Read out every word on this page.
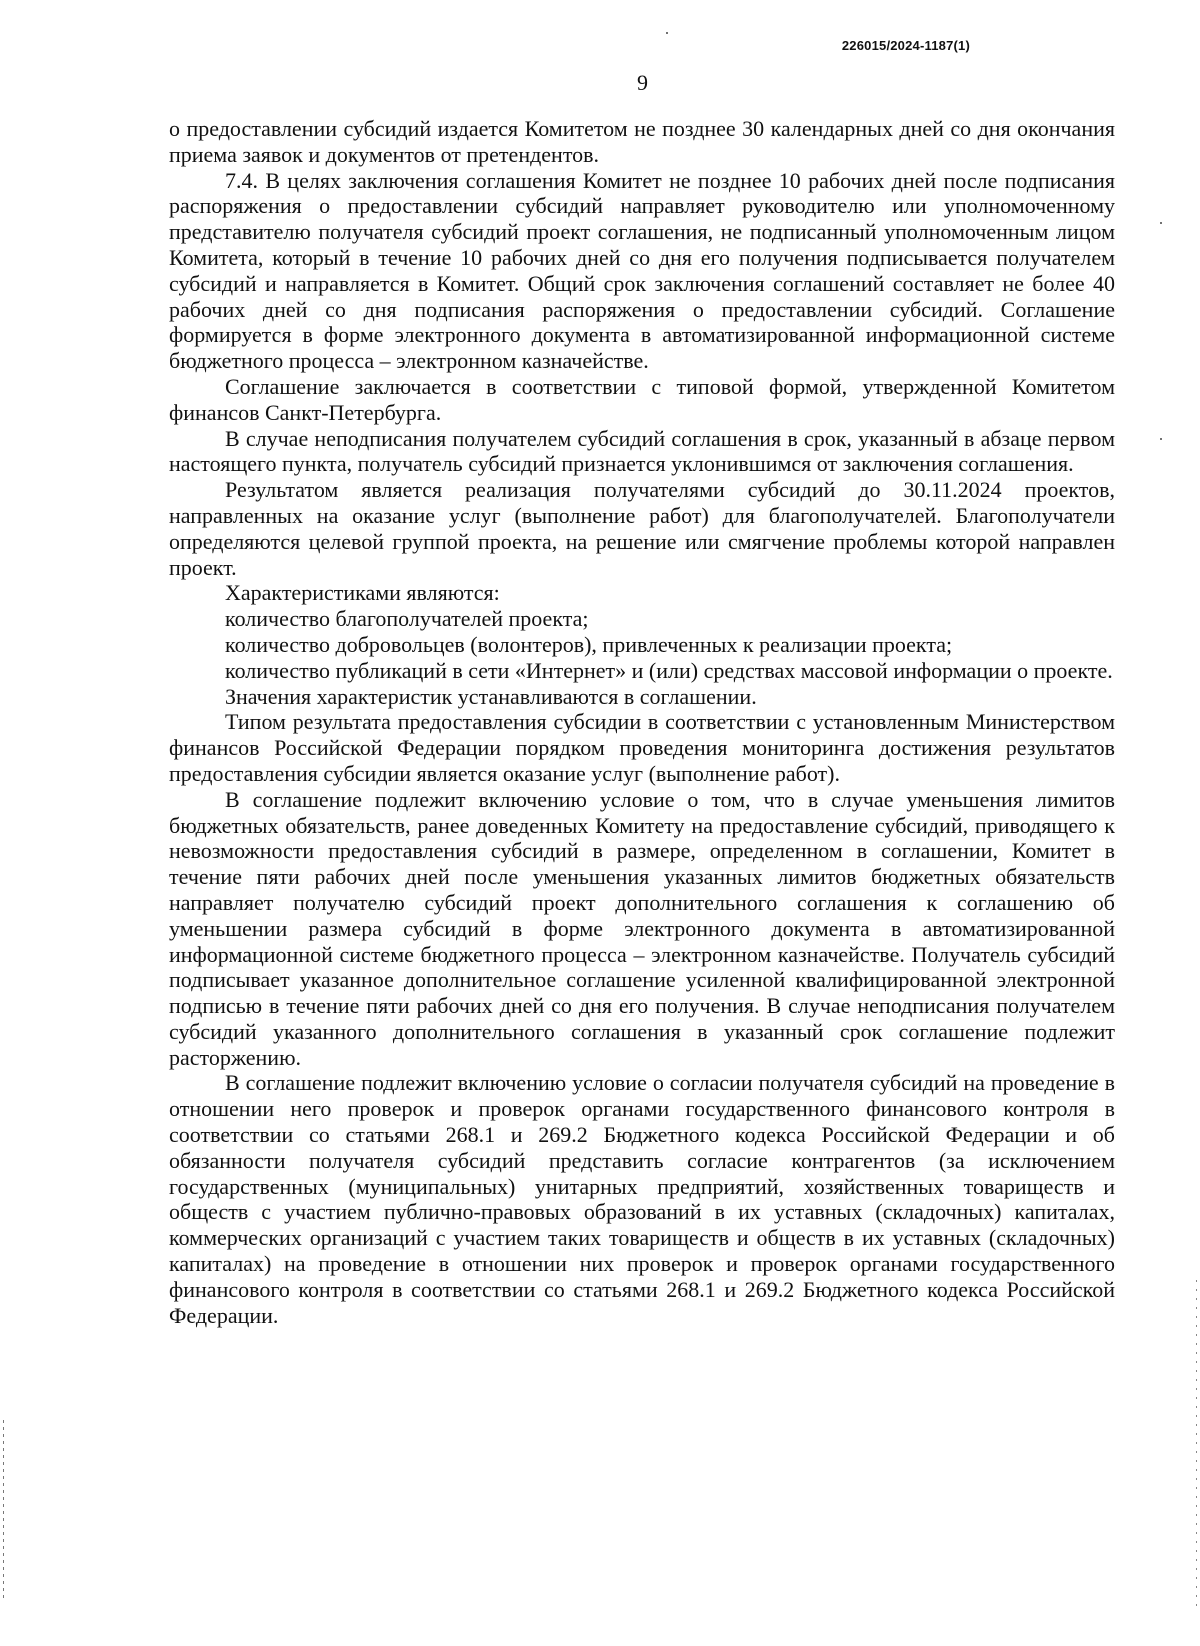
226015/2024-1187(1)
9

о предоставлении субсидий издается Комитетом не позднее 30 календарных дней со дня окончания приема заявок и документов от претендентов.

7.4. В целях заключения соглашения Комитет не позднее 10 рабочих дней после подписания распоряжения о предоставлении субсидий направляет руководителю или уполномоченному представителю получателя субсидий проект соглашения, не подписанный уполномоченным лицом Комитета, который в течение 10 рабочих дней со дня его получения подписывается получателем субсидий и направляется в Комитет. Общий срок заключения соглашений составляет не более 40 рабочих дней со дня подписания распоряжения о предоставлении субсидий. Соглашение формируется в форме электронного документа в автоматизированной информационной системе бюджетного процесса – электронном казначействе.

Соглашение заключается в соответствии с типовой формой, утвержденной Комитетом финансов Санкт-Петербурга.

В случае неподписания получателем субсидий соглашения в срок, указанный в абзаце первом настоящего пункта, получатель субсидий признается уклонившимся от заключения соглашения.

Результатом является реализация получателями субсидий до 30.11.2024 проектов, направленных на оказание услуг (выполнение работ) для благополучателей. Благополучатели определяются целевой группой проекта, на решение или смягчение проблемы которой направлен проект.

Характеристиками являются:

количество благополучателей проекта;

количество добровольцев (волонтеров), привлеченных к реализации проекта;

количество публикаций в сети «Интернет» и (или) средствах массовой информации о проекте.

Значения характеристик устанавливаются в соглашении.

Типом результата предоставления субсидии в соответствии с установленным Министерством финансов Российской Федерации порядком проведения мониторинга достижения результатов предоставления субсидии является оказание услуг (выполнение работ).

В соглашение подлежит включению условие о том, что в случае уменьшения лимитов бюджетных обязательств, ранее доведенных Комитету на предоставление субсидий, приводящего к невозможности предоставления субсидий в размере, определенном в соглашении, Комитет в течение пяти рабочих дней после уменьшения указанных лимитов бюджетных обязательств направляет получателю субсидий проект дополнительного соглашения к соглашению об уменьшении размера субсидий в форме электронного документа в автоматизированной информационной системе бюджетного процесса – электронном казначействе. Получатель субсидий подписывает указанное дополнительное соглашение усиленной квалифицированной электронной подписью в течение пяти рабочих дней со дня его получения. В случае неподписания получателем субсидий указанного дополнительного соглашения в указанный срок соглашение подлежит расторжению.

В соглашение подлежит включению условие о согласии получателя субсидий на проведение в отношении него проверок и проверок органами государственного финансового контроля в соответствии со статьями 268.1 и 269.2 Бюджетного кодекса Российской Федерации и об обязанности получателя субсидий представить согласие контрагентов (за исключением государственных (муниципальных) унитарных предприятий, хозяйственных товариществ и обществ с участием публично-правовых образований в их уставных (складочных) капиталах, коммерческих организаций с участием таких товариществ и обществ в их уставных (складочных) капиталах) на проведение в отношении них проверок и проверок органами государственного финансового контроля в соответствии со статьями 268.1 и 269.2 Бюджетного кодекса Российской Федерации.
